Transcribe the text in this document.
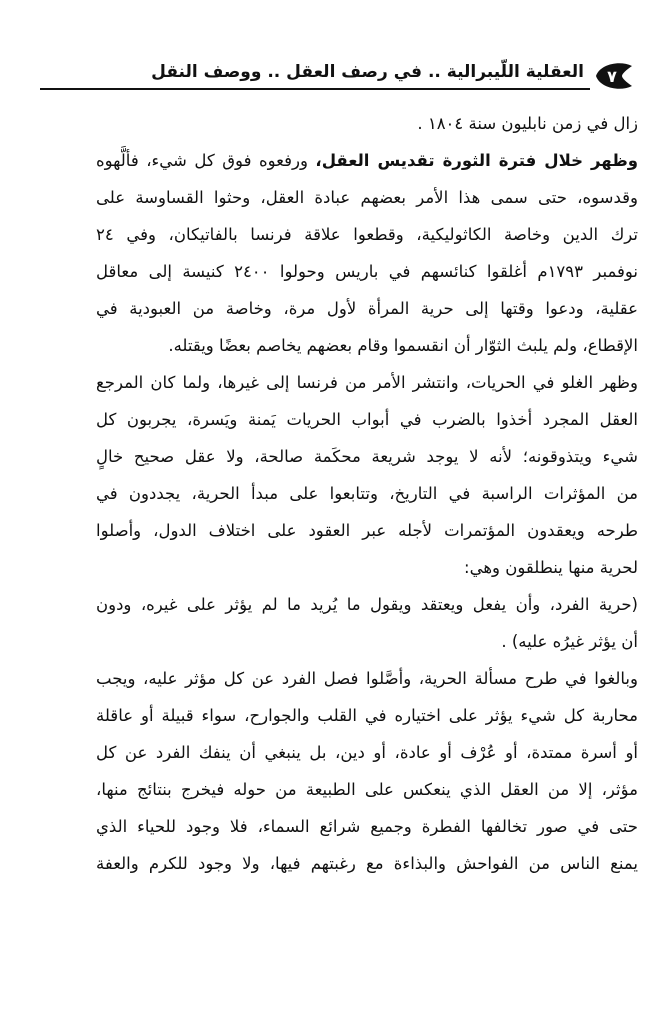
٧
العقلية اللّيبرالية .. في رصف العقل .. ووصف النقل
زال في زمن نابليون سنة ١٨٠٤ .
وظهر خلال فترة الثورة تقديس العقل، ورفعوه فوق كل شيء، فألَّهوه
وقدسوه، حتى سمى هذا الأمر بعضهم عبادة العقل، وحثوا القساوسة على
ترك الدين وخاصة الكاثوليكية، وقطعوا علاقة فرنسا بالفاتيكان، وفي ٢٤
نوفمبر ١٧٩٣م أغلقوا كنائسهم في باريس وحولوا ٢٤٠٠ كنيسة إلى معاقل
عقلية، ودعوا وقتها إلى حرية المرأة لأول مرة، وخاصة من العبودية في
الإقطاع، ولم يلبث الثوّار أن انقسموا وقام بعضهم يخاصم بعضًا ويقتله.
وظهر الغلو في الحريات، وانتشر الأمر من فرنسا إلى غيرها، ولما كان المرجع
العقل المجرد أخذوا بالضرب في أبواب الحريات يَمنة ويَسرة، يجربون كل
شيء ويتذوقونه؛ لأنه لا يوجد شريعة محكَمة صالحة، ولا عقل صحيح خالٍ
من المؤثرات الراسبة في التاريخ، وتتابعوا على مبدأ الحرية، يجددون في
طرحه ويعقدون المؤتمرات لأجله عبر العقود على اختلاف الدول، وأصلوا
لحرية منها ينطلقون وهي:
(حرية الفرد، وأن يفعل ويعتقد ويقول ما يُريد ما لم يؤثر على غيره، ودون
أن يؤثر غيرُه عليه) .
وبالغوا في طرح مسألة الحرية، وأصَّلوا فصل الفرد عن كل مؤثر عليه، ويجب
محاربة كل شيء يؤثر على اختياره في القلب والجوارح، سواء قبيلة أو عاقلة
أو أسرة ممتدة، أو عُرْف أو عادة، أو دين، بل ينبغي أن ينفك الفرد عن كل
مؤثر، إلا من العقل الذي ينعكس على الطبيعة من حوله فيخرج بنتائج منها،
حتى في صور تخالفها الفطرة وجميع شرائع السماء، فلا وجود للحياء الذي
يمنع الناس من الفواحش والبذاءة مع رغبتهم فيها، ولا وجود للكرم والعفة
